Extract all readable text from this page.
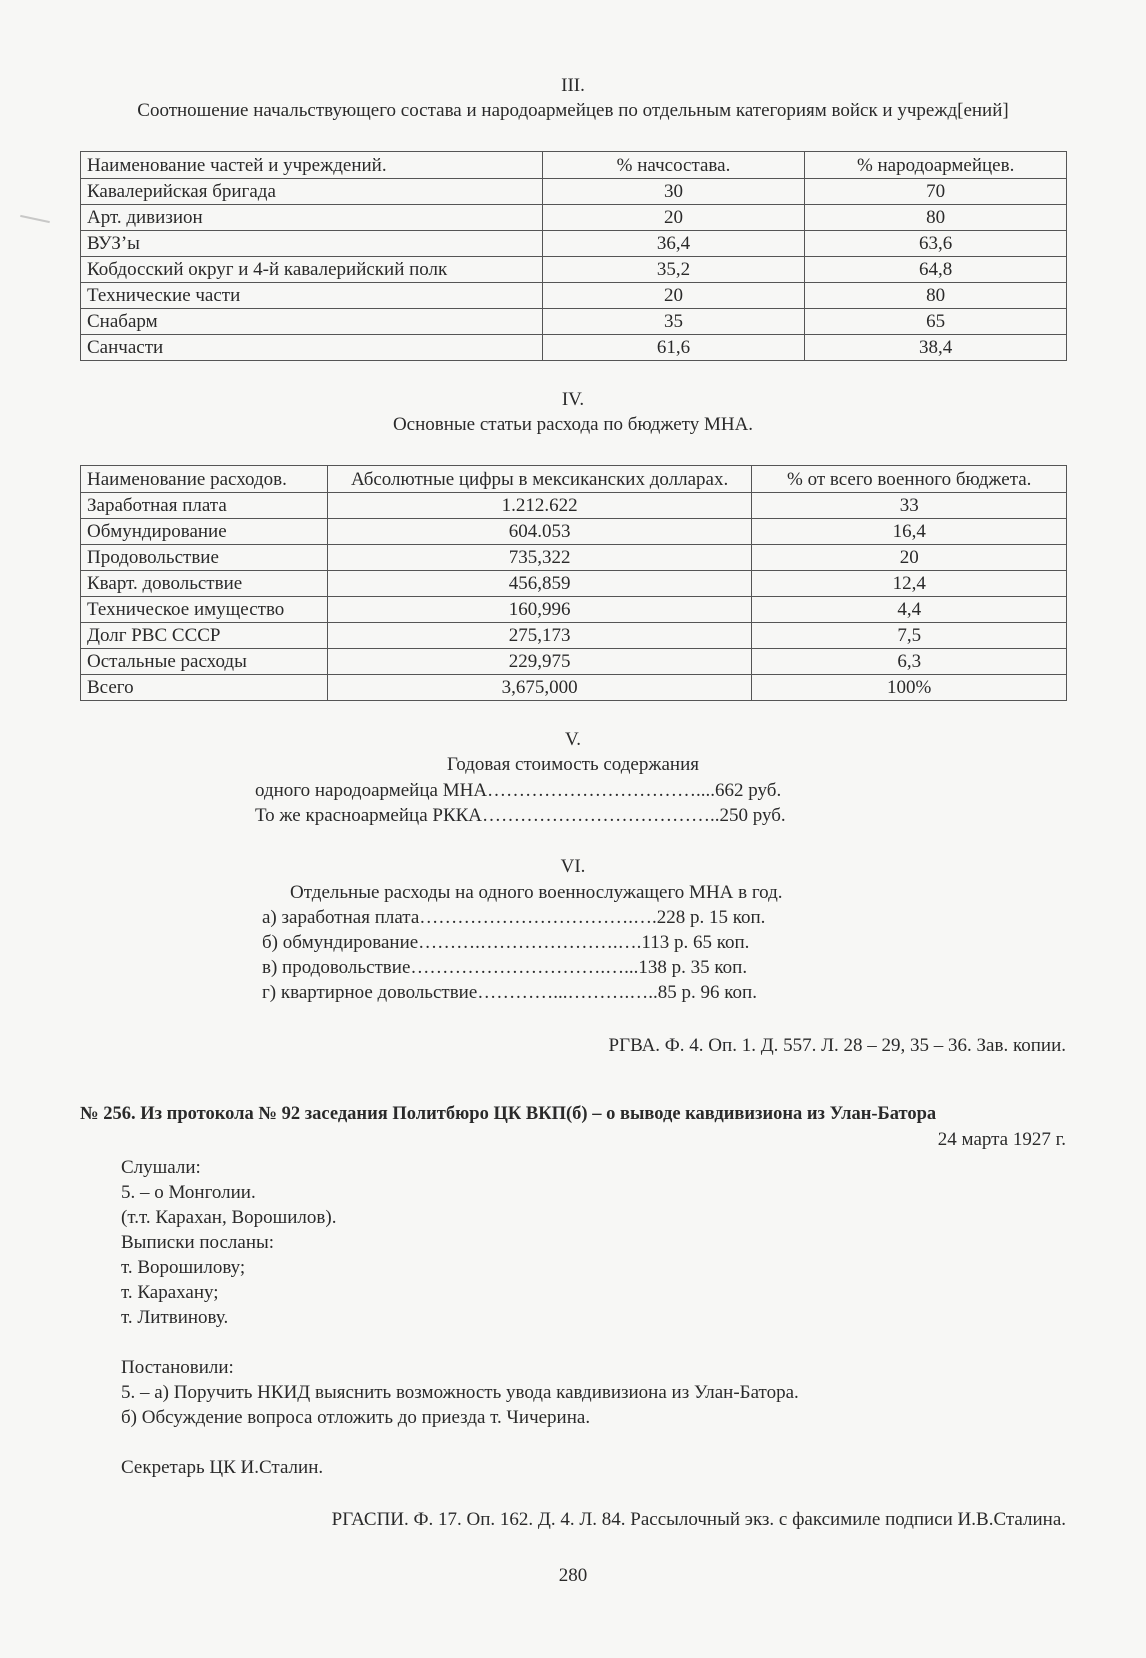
III.
Соотношение начальствующего состава и народоармейцев по отдельным категориям войск и учрежд[ений]
Наименование частей и учреждений.	% начсостава.	% народоармейцев.
Кавалерийская бригада	30	70
Арт. дивизион	20	80
ВУЗ’ы	36,4	63,6
Кобдосский округ и 4-й кавалерийский полк	35,2	64,8
Технические части	20	80
Снабарм	35	65
Санчасти	61,6	38,4
IV.
Основные статьи расхода по бюджету МНА.
Наименование расходов.	Абсолютные цифры в мексиканских долларах.	% от всего военного бюджета.
Заработная плата	1.212.622	33
Обмундирование	604.053	16,4
Продовольствие	735,322	20
Кварт. довольствие	456,859	12,4
Техническое имущество	160,996	4,4
Долг РВС СССР	275,173	7,5
Остальные расходы	229,975	6,3
Всего	3,675,000	100%
V.
Годовая стоимость содержания
одного народоармейца МНА……………………………....662 руб.
То же красноармейца РККА………………………………..250 руб.
VI.
Отдельные расходы на одного военнослужащего МНА в год.
а) заработная плата…………………………….….228 р. 15 коп.
б) обмундирование……….………………….….113 р. 65 коп.
в) продовольствие………………………….…...138 р. 35 коп.
г) квартирное довольствие…………...……….…..85 р. 96 коп.
РГВА. Ф. 4. Оп. 1. Д. 557. Л. 28 – 29, 35 – 36. Зав. копии.
№ 256. Из протокола № 92 заседания Политбюро ЦК ВКП(б) – о выводе кавдивизиона из Улан-Батора
24 марта 1927 г.
Слушали:
5. – о Монголии.
(т.т. Карахан, Ворошилов).
Выписки посланы:
т. Ворошилову;
т. Карахану;
т. Литвинову.
Постановили:
5. – а) Поручить НКИД выяснить возможность увода кавдивизиона из Улан-Батора.
б) Обсуждение вопроса отложить до приезда т. Чичерина.
Секретарь ЦК И.Сталин.
РГАСПИ. Ф. 17. Оп. 162. Д. 4. Л. 84. Рассылочный экз. с факсимиле подписи И.В.Сталина.
280
